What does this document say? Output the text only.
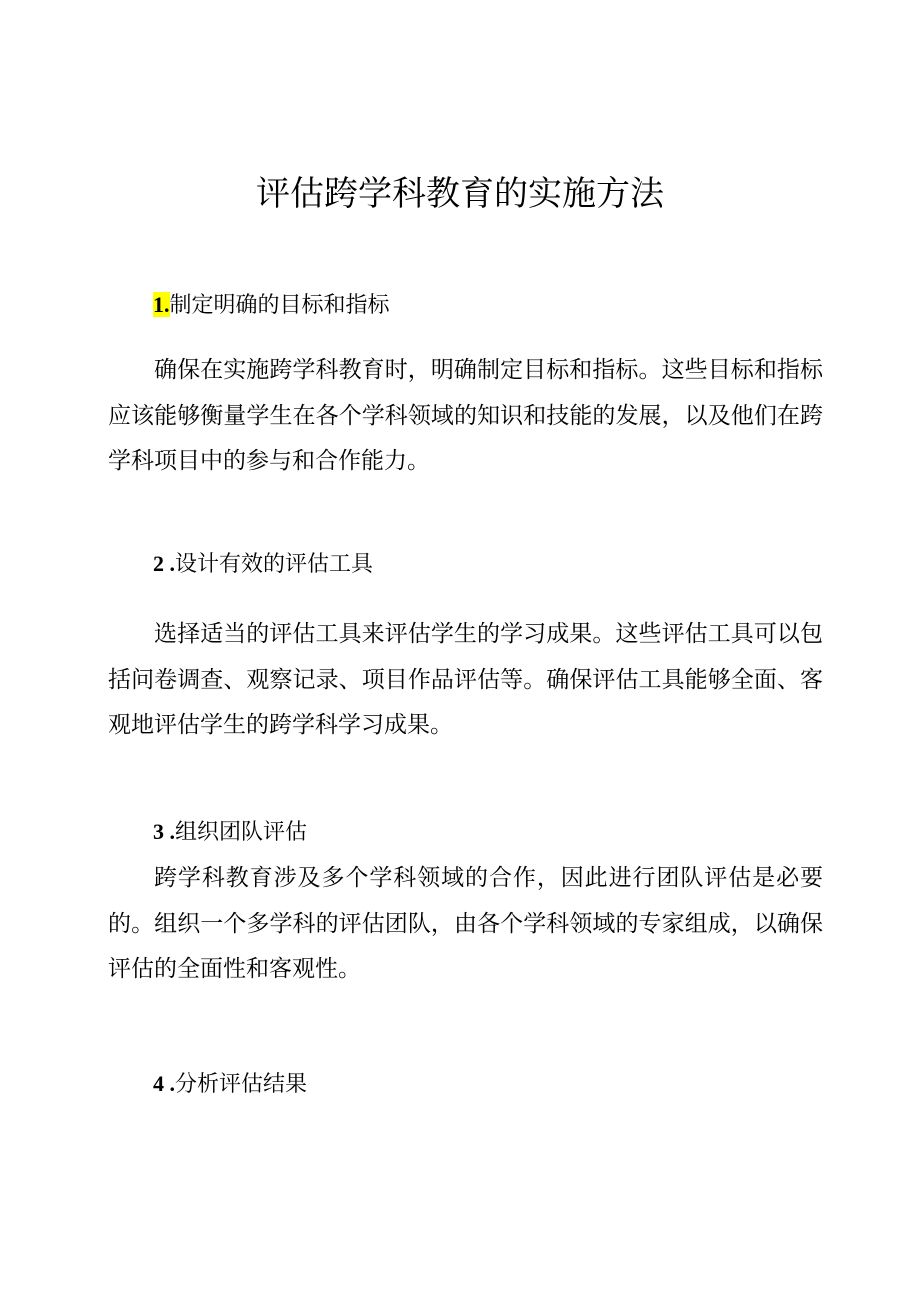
评估跨学科教育的实施方法
1.制定明确的目标和指标

确保在实施跨学科教育时，明确制定目标和指标。这些目标和指标应该能够衡量学生在各个学科领域的知识和技能的发展，以及他们在跨学科项目中的参与和合作能力。

2 .设计有效的评估工具

选择适当的评估工具来评估学生的学习成果。这些评估工具可以包括问卷调查、观察记录、项目作品评估等。确保评估工具能够全面、客观地评估学生的跨学科学习成果。

3 .组织团队评估

跨学科教育涉及多个学科领域的合作，因此进行团队评估是必要的。组织一个多学科的评估团队，由各个学科领域的专家组成，以确保评估的全面性和客观性。

4 .分析评估结果
